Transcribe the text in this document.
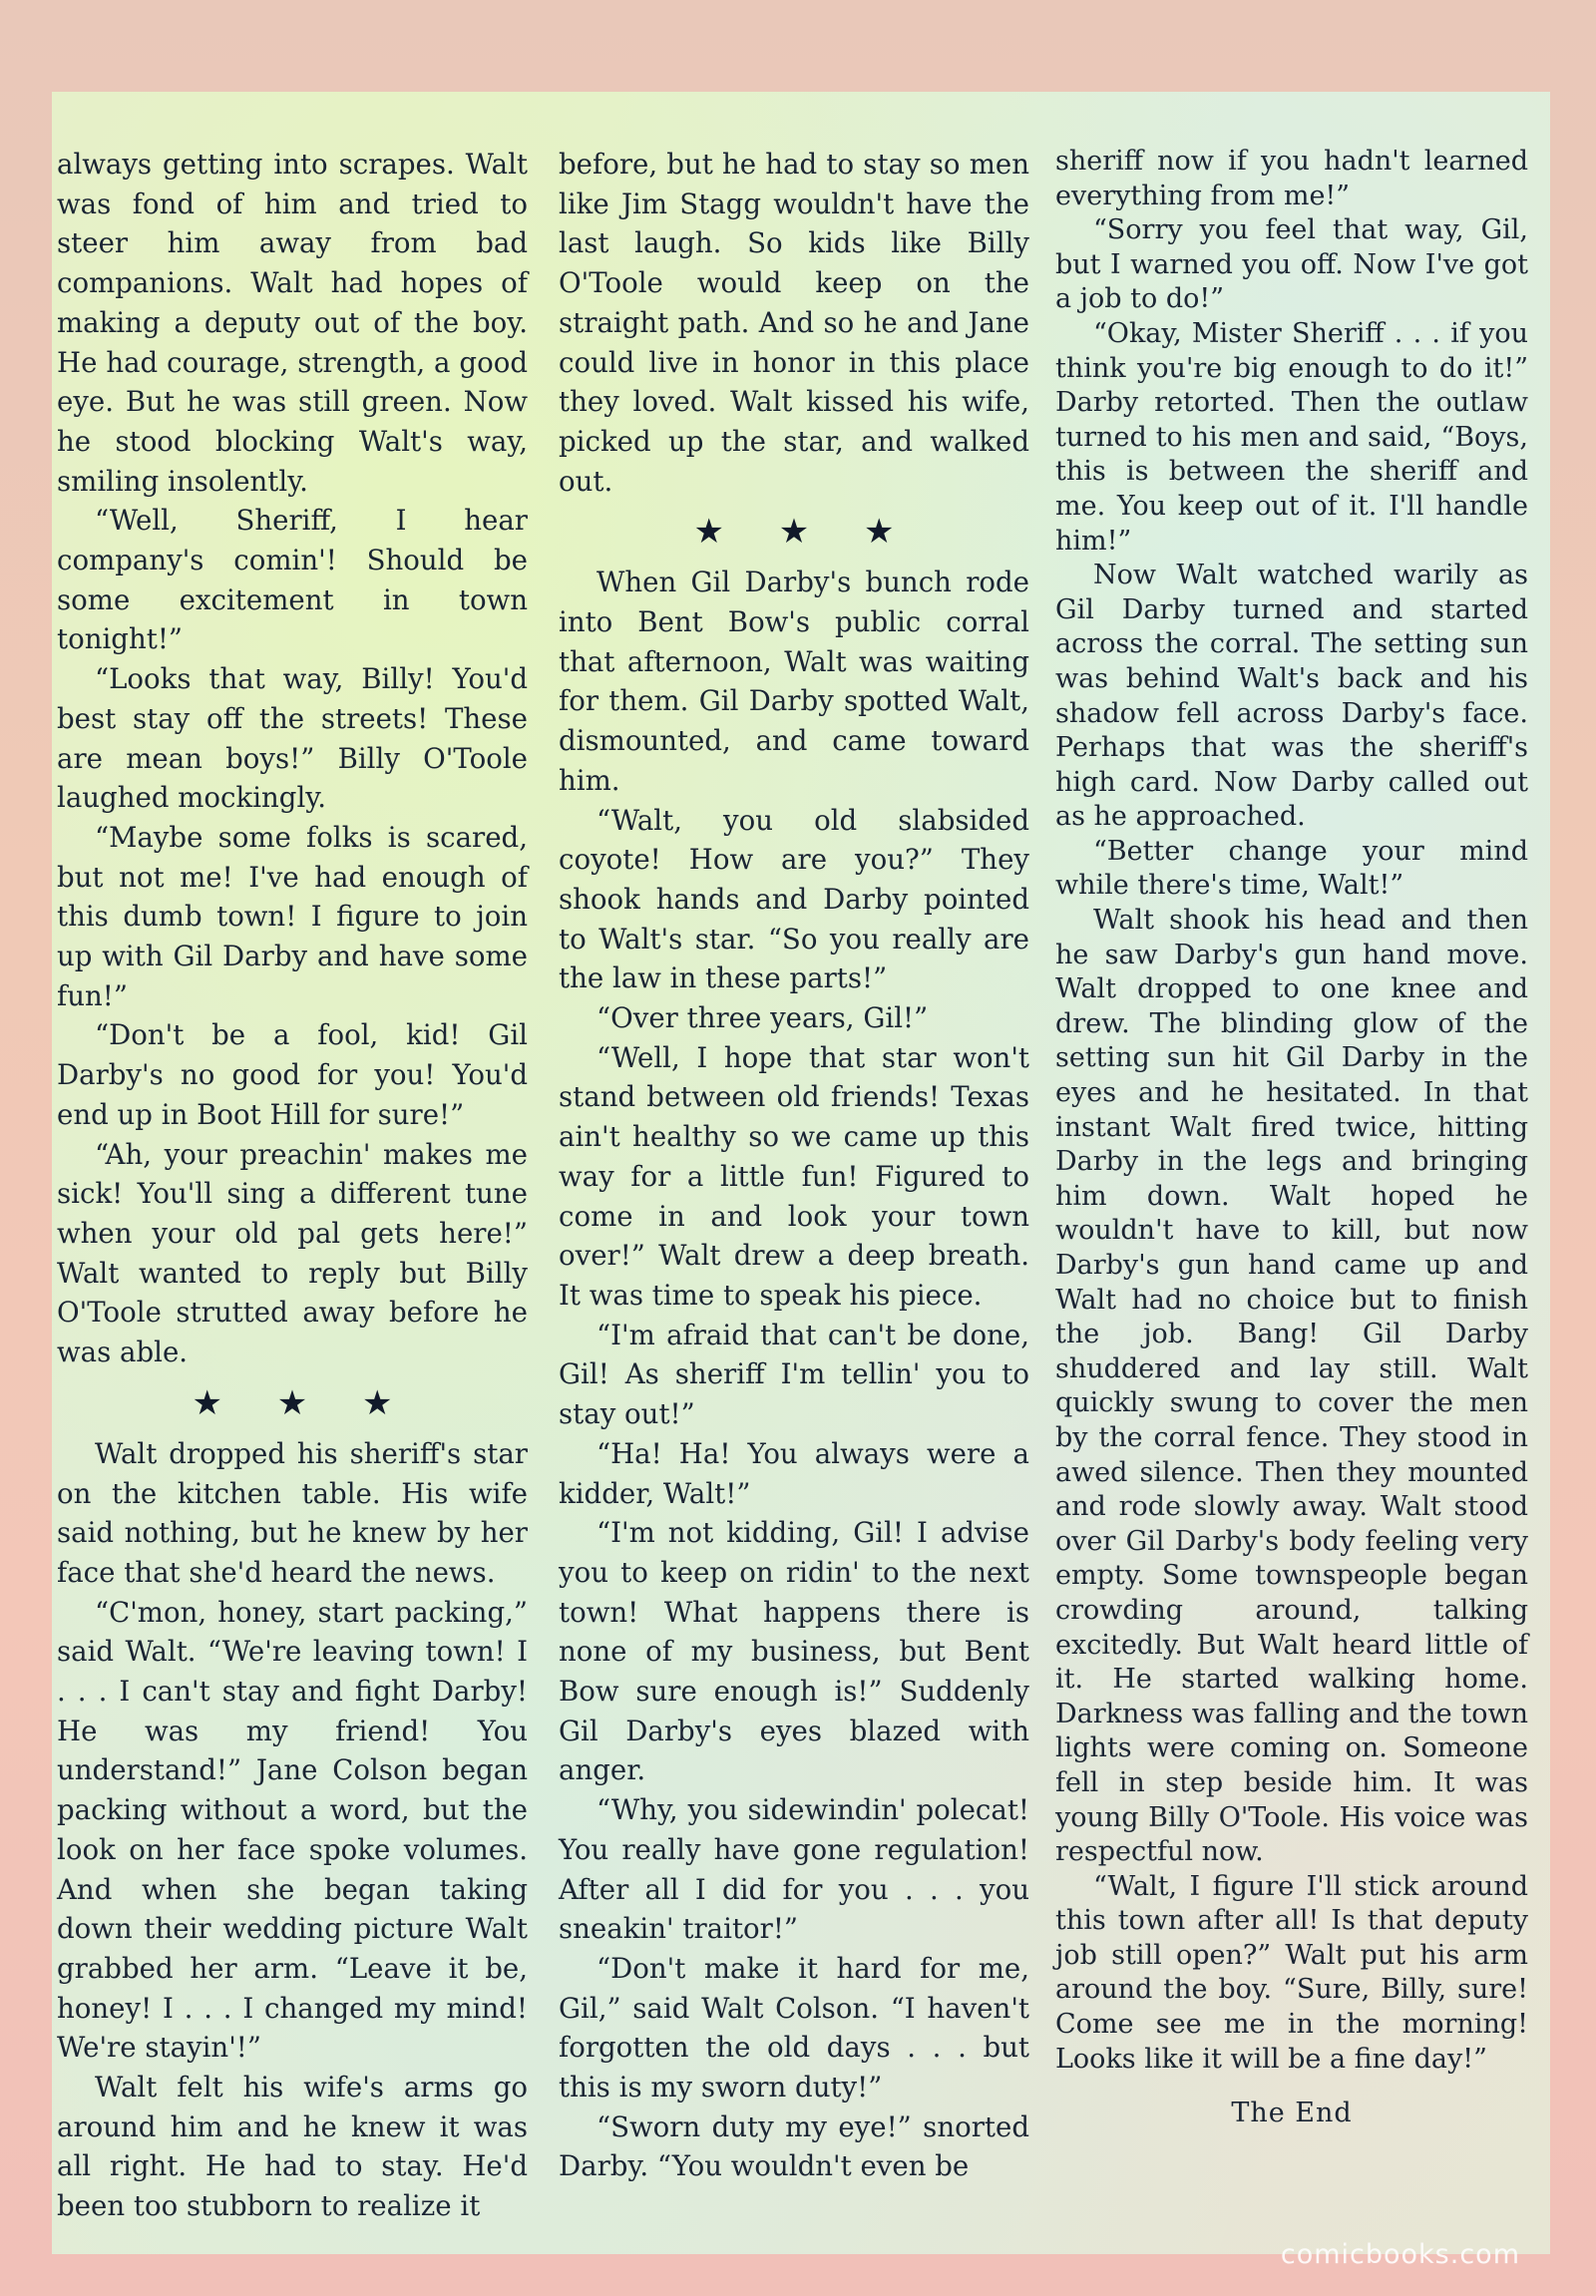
always getting into scrapes. Walt was fond of him and tried to steer him away from bad companions. Walt had hopes of making a deputy out of the boy. He had courage, strength, a good eye. But he was still green. Now he stood blocking Walt's way, smiling insolently.

“Well, Sheriff, I hear company's comin'! Should be some excitement in town tonight!”

“Looks that way, Billy! You'd best stay off the streets! These are mean boys!” Billy O'Toole laughed mockingly.

“Maybe some folks is scared, but not me! I've had enough of this dumb town! I figure to join up with Gil Darby and have some fun!”

“Don't be a fool, kid! Gil Darby's no good for you! You'd end up in Boot Hill for sure!”

“Ah, your preachin' makes me sick! You'll sing a different tune when your old pal gets here!” Walt wanted to reply but Billy O'Toole strutted away before he was able.

★ ★ ★

Walt dropped his sheriff's star on the kitchen table. His wife said nothing, but he knew by her face that she'd heard the news.

“C'mon, honey, start packing,” said Walt. “We're leaving town! I . . . I can't stay and fight Darby! He was my friend! You understand!” Jane Colson began packing without a word, but the look on her face spoke volumes. And when she began taking down their wedding picture Walt grabbed her arm. “Leave it be, honey! I . . . I changed my mind! We're stayin'!”

Walt felt his wife's arms go around him and he knew it was all right. He had to stay. He'd been too stubborn to realize it

before, but he had to stay so men like Jim Stagg wouldn't have the last laugh. So kids like Billy O'Toole would keep on the straight path. And so he and Jane could live in honor in this place they loved. Walt kissed his wife, picked up the star, and walked out.

★ ★ ★

When Gil Darby's bunch rode into Bent Bow's public corral that afternoon, Walt was waiting for them. Gil Darby spotted Walt, dismounted, and came toward him.

“Walt, you old slabsided coyote! How are you?” They shook hands and Darby pointed to Walt's star. “So you really are the law in these parts!”

“Over three years, Gil!”

“Well, I hope that star won't stand between old friends! Texas ain't healthy so we came up this way for a little fun! Figured to come in and look your town over!” Walt drew a deep breath. It was time to speak his piece.

“I'm afraid that can't be done, Gil! As sheriff I'm tellin' you to stay out!”

“Ha! Ha! You always were a kidder, Walt!”

“I'm not kidding, Gil! I advise you to keep on ridin' to the next town! What happens there is none of my business, but Bent Bow sure enough is!” Suddenly Gil Darby's eyes blazed with anger.

“Why, you sidewindin' polecat! You really have gone regulation! After all I did for you . . . you sneakin' traitor!”

“Don't make it hard for me, Gil,” said Walt Colson. “I haven't forgotten the old days . . . but this is my sworn duty!”

“Sworn duty my eye!” snorted Darby. “You wouldn't even be

sheriff now if you hadn't learned everything from me!”

“Sorry you feel that way, Gil, but I warned you off. Now I've got a job to do!”

“Okay, Mister Sheriff . . . if you think you're big enough to do it!” Darby retorted. Then the outlaw turned to his men and said, “Boys, this is between the sheriff and me. You keep out of it. I'll handle him!”

Now Walt watched warily as Gil Darby turned and started across the corral. The setting sun was behind Walt's back and his shadow fell across Darby's face. Perhaps that was the sheriff's high card. Now Darby called out as he approached.

“Better change your mind while there's time, Walt!”

Walt shook his head and then he saw Darby's gun hand move. Walt dropped to one knee and drew. The blinding glow of the setting sun hit Gil Darby in the eyes and he hesitated. In that instant Walt fired twice, hitting Darby in the legs and bringing him down. Walt hoped he wouldn't have to kill, but now Darby's gun hand came up and Walt had no choice but to finish the job. Bang! Gil Darby shuddered and lay still. Walt quickly swung to cover the men by the corral fence. They stood in awed silence. Then they mounted and rode slowly away. Walt stood over Gil Darby's body feeling very empty. Some townspeople began crowding around, talking excitedly. But Walt heard little of it. He started walking home. Darkness was falling and the town lights were coming on. Someone fell in step beside him. It was young Billy O'Toole. His voice was respectful now.

“Walt, I figure I'll stick around this town after all! Is that deputy job still open?” Walt put his arm around the boy. “Sure, Billy, sure! Come see me in the morning! Looks like it will be a fine day!”

The End
comicbooks.com
